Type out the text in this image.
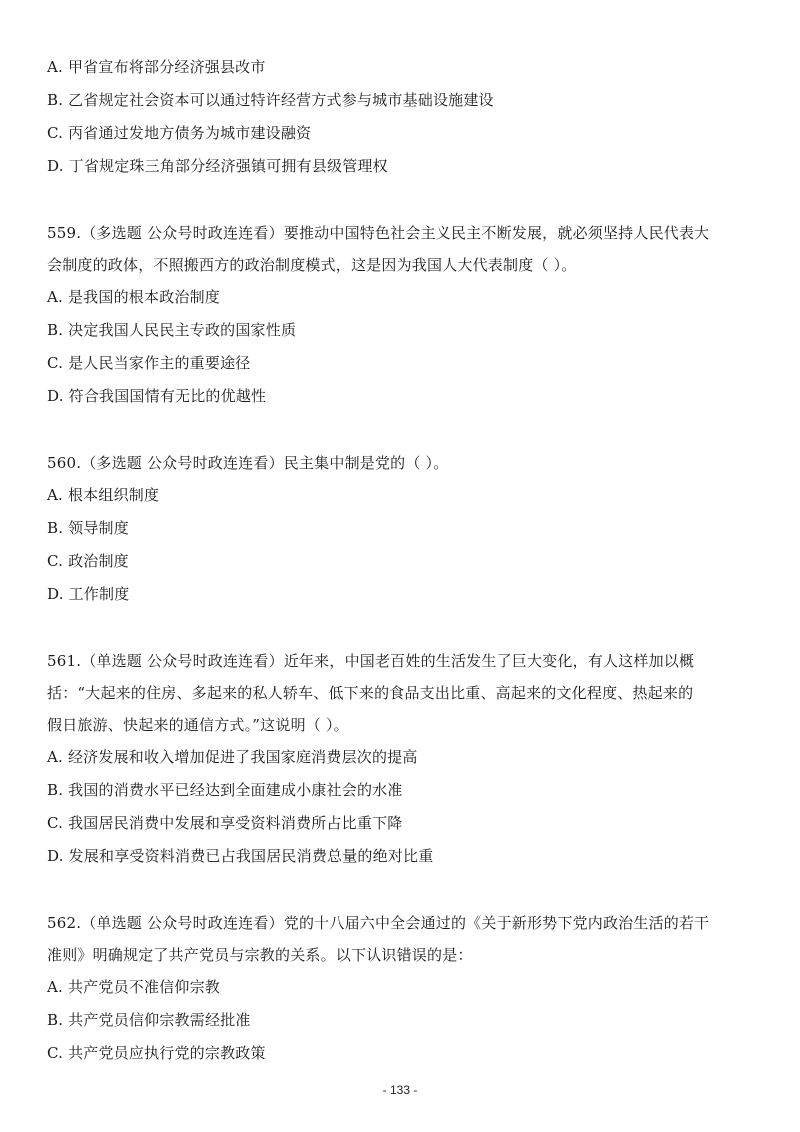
A. 甲省宣布将部分经济强县改市
B. 乙省规定社会资本可以通过特许经营方式参与城市基础设施建设
C. 丙省通过发地方债务为城市建设融资
D. 丁省规定珠三角部分经济强镇可拥有县级管理权
559.（多选题 公众号时政连连看）要推动中国特色社会主义民主不断发展，就必须坚持人民代表大
会制度的政体，不照搬西方的政治制度模式，这是因为我国人大代表制度（ ）。
A. 是我国的根本政治制度
B. 决定我国人民民主专政的国家性质
C. 是人民当家作主的重要途径
D. 符合我国国情有无比的优越性
560.（多选题 公众号时政连连看）民主集中制是党的（ ）。
A. 根本组织制度
B. 领导制度
C. 政治制度
D. 工作制度
561.（单选题 公众号时政连连看）近年来，中国老百姓的生活发生了巨大变化，有人这样加以概
括：“大起来的住房、多起来的私人轿车、低下来的食品支出比重、高起来的文化程度、热起来的
假日旅游、快起来的通信方式。”这说明（ ）。
A. 经济发展和收入增加促进了我国家庭消费层次的提高
B. 我国的消费水平已经达到全面建成小康社会的水准
C. 我国居民消费中发展和享受资料消费所占比重下降
D. 发展和享受资料消费已占我国居民消费总量的绝对比重
562.（单选题 公众号时政连连看）党的十八届六中全会通过的《关于新形势下党内政治生活的若干
准则》明确规定了共产党员与宗教的关系。以下认识错误的是：
A. 共产党员不准信仰宗教
B. 共产党员信仰宗教需经批准
C. 共产党员应执行党的宗教政策
- 133 -
